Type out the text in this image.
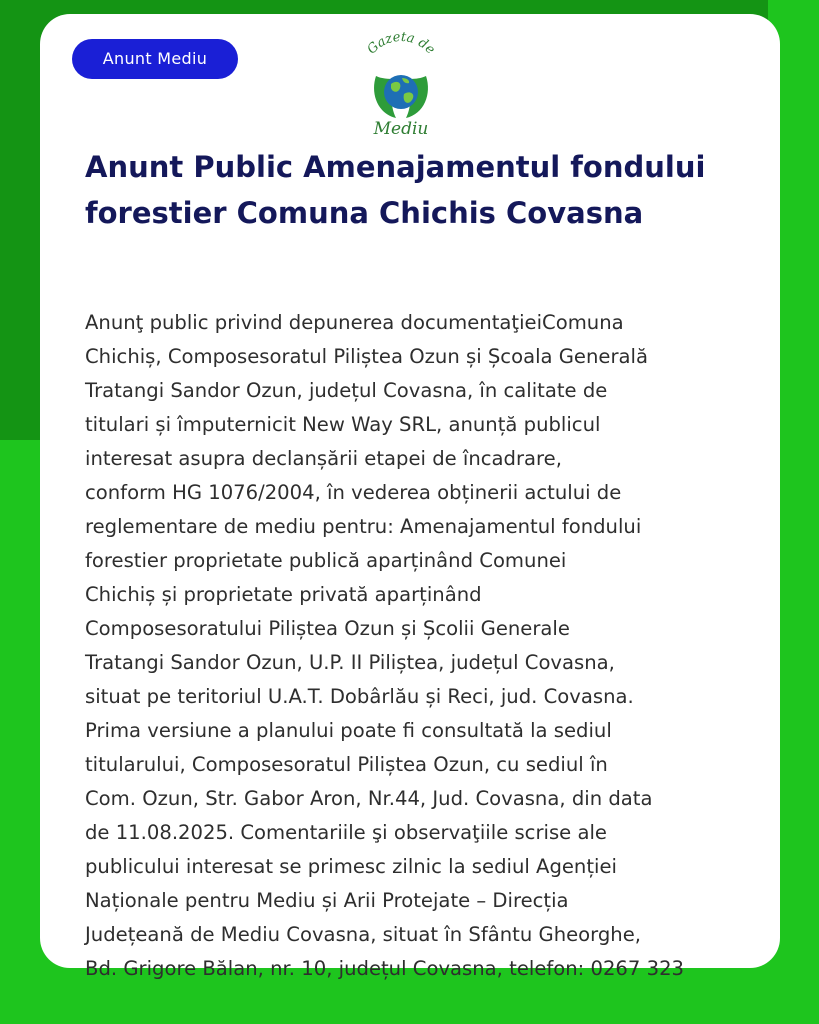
Anunt Mediu
Gazeta de
Mediu
Anunt Public Amenajamentul fondului forestier Comuna Chichis Covasna

Anunţ public privind depunerea documentaţieiComuna
Chichiș, Composesoratul Piliștea Ozun și Școala Generală
Tratangi Sandor Ozun, județul Covasna, în calitate de
titulari și împuternicit New Way SRL, anunță publicul
interesat asupra declanșării etapei de încadrare,
conform HG 1076/2004, în vederea obținerii actului de
reglementare de mediu pentru: Amenajamentul fondului
forestier proprietate publică aparținând Comunei
Chichiș și proprietate privată aparținând
Composesoratului Piliștea Ozun și Școlii Generale
Tratangi Sandor Ozun, U.P. II Piliștea, județul Covasna,
situat pe teritoriul U.A.T. Dobârlău și Reci, jud. Covasna.
Prima versiune a planului poate fi consultată la sediul
titularului, Composesoratul Piliștea Ozun, cu sediul în
Com. Ozun, Str. Gabor Aron, Nr.44, Jud. Covasna, din data
de 11.08.2025. Comentariile şi observaţiile scrise ale
publicului interesat se primesc zilnic la sediul Agenției
Naționale pentru Mediu și Arii Protejate – Direcția
Județeană de Mediu Covasna, situat în Sfântu Gheorghe,
Bd. Grigore Bălan, nr. 10, județul Covasna, telefon: 0267 323
